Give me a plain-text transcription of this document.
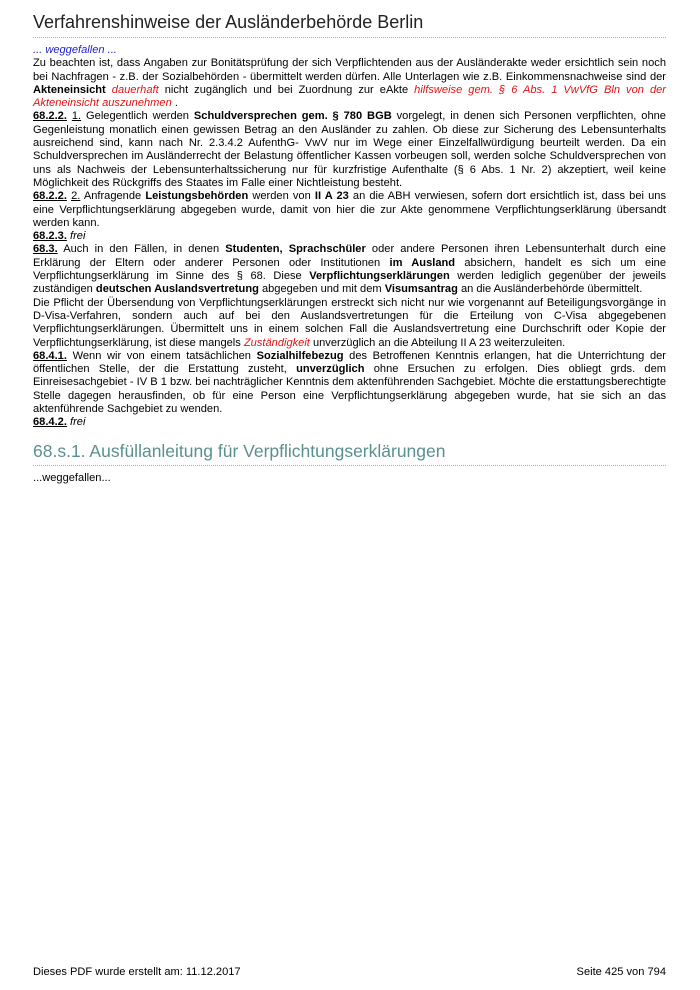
Verfahrenshinweise der Ausländerbehörde Berlin

... weggefallen ...

Zu beachten ist, dass Angaben zur Bonitätsprüfung der sich Verpflichtenden aus der Ausländerakte weder ersichtlich sein noch bei Nachfragen - z.B. der Sozialbehörden - übermittelt werden dürfen. Alle Unterlagen wie z.B. Einkommensnachweise sind der Akteneinsicht dauerhaft nicht zugänglich und bei Zuordnung zur eAkte hilfsweise gem. § 6 Abs. 1 VwVfG Bln von der Akteneinsicht auszunehmen .

68.2.2. 1. Gelegentlich werden Schuldversprechen gem. § 780 BGB vorgelegt, in denen sich Personen verpflichten, ohne Gegenleistung monatlich einen gewissen Betrag an den Ausländer zu zahlen. Ob diese zur Sicherung des Lebensunterhalts ausreichend sind, kann nach Nr. 2.3.4.2 AufenthG- VwV nur im Wege einer Einzelfallwürdigung beurteilt werden. Da ein Schuldversprechen im Ausländerrecht der Belastung öffentlicher Kassen vorbeugen soll, werden solche Schuldversprechen von uns als Nachweis der Lebensunterhaltssicherung nur für kurzfristige Aufenthalte (§ 6 Abs. 1 Nr. 2) akzeptiert, weil keine Möglichkeit des Rückgriffs des Staates im Falle einer Nichtleistung besteht.

68.2.2. 2. Anfragende Leistungsbehörden werden von II A 23 an die ABH verwiesen, sofern dort ersichtlich ist, dass bei uns eine Verpflichtungserklärung abgegeben wurde, damit von hier die zur Akte genommene Verpflichtungserklärung übersandt werden kann.

68.2.3. frei

68.3. Auch in den Fällen, in denen Studenten, Sprachschüler oder andere Personen ihren Lebensunterhalt durch eine Erklärung der Eltern oder anderer Personen oder Institutionen im Ausland absichern, handelt es sich um eine Verpflichtungserklärung im Sinne des § 68. Diese Verpflichtungserklärungen werden lediglich gegenüber der jeweils zuständigen deutschen Auslandsvertretung abgegeben und mit dem Visumsantrag an die Ausländerbehörde übermittelt.

Die Pflicht der Übersendung von Verpflichtungserklärungen erstreckt sich nicht nur wie vorgenannt auf Beteiligungsvorgänge in D-Visa-Verfahren, sondern auch auf bei den Auslandsvertretungen für die Erteilung von C-Visa abgegebenen Verpflichtungserklärungen. Übermittelt uns in einem solchen Fall die Auslandsvertretung eine Durchschrift oder Kopie der Verpflichtungserklärung, ist diese mangels Zuständigkeit unverzüglich an die Abteilung II A 23 weiterzuleiten.

68.4.1. Wenn wir von einem tatsächlichen Sozialhilfebezug des Betroffenen Kenntnis erlangen, hat die Unterrichtung der öffentlichen Stelle, der die Erstattung zusteht, unverzüglich ohne Ersuchen zu erfolgen. Dies obliegt grds. dem Einreisesachgebiet - IV B 1 bzw. bei nachträglicher Kenntnis dem aktenführenden Sachgebiet. Möchte die erstattungsberechtigte Stelle dagegen herausfinden, ob für eine Person eine Verpflichtungserklärung abgegeben wurde, hat sie sich an das aktenführende Sachgebiet zu wenden.

68.4.2. frei

68.s.1. Ausfüllanleitung für Verpflichtungserklärungen

...weggefallen...

Dieses PDF wurde erstellt am: 11.12.2017	Seite 425 von 794
